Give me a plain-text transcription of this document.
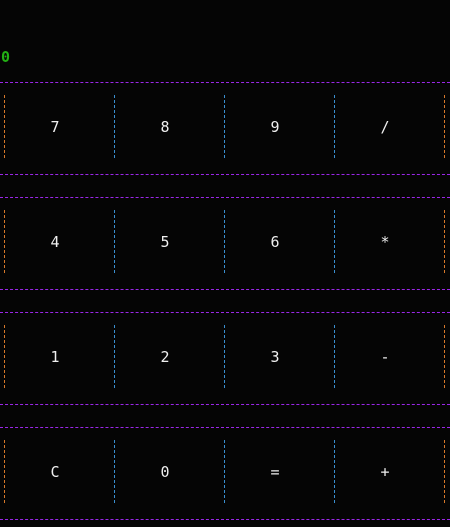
0
7	8	9	/
4	5	6	*
1	2	3	-
C	0	=	+
